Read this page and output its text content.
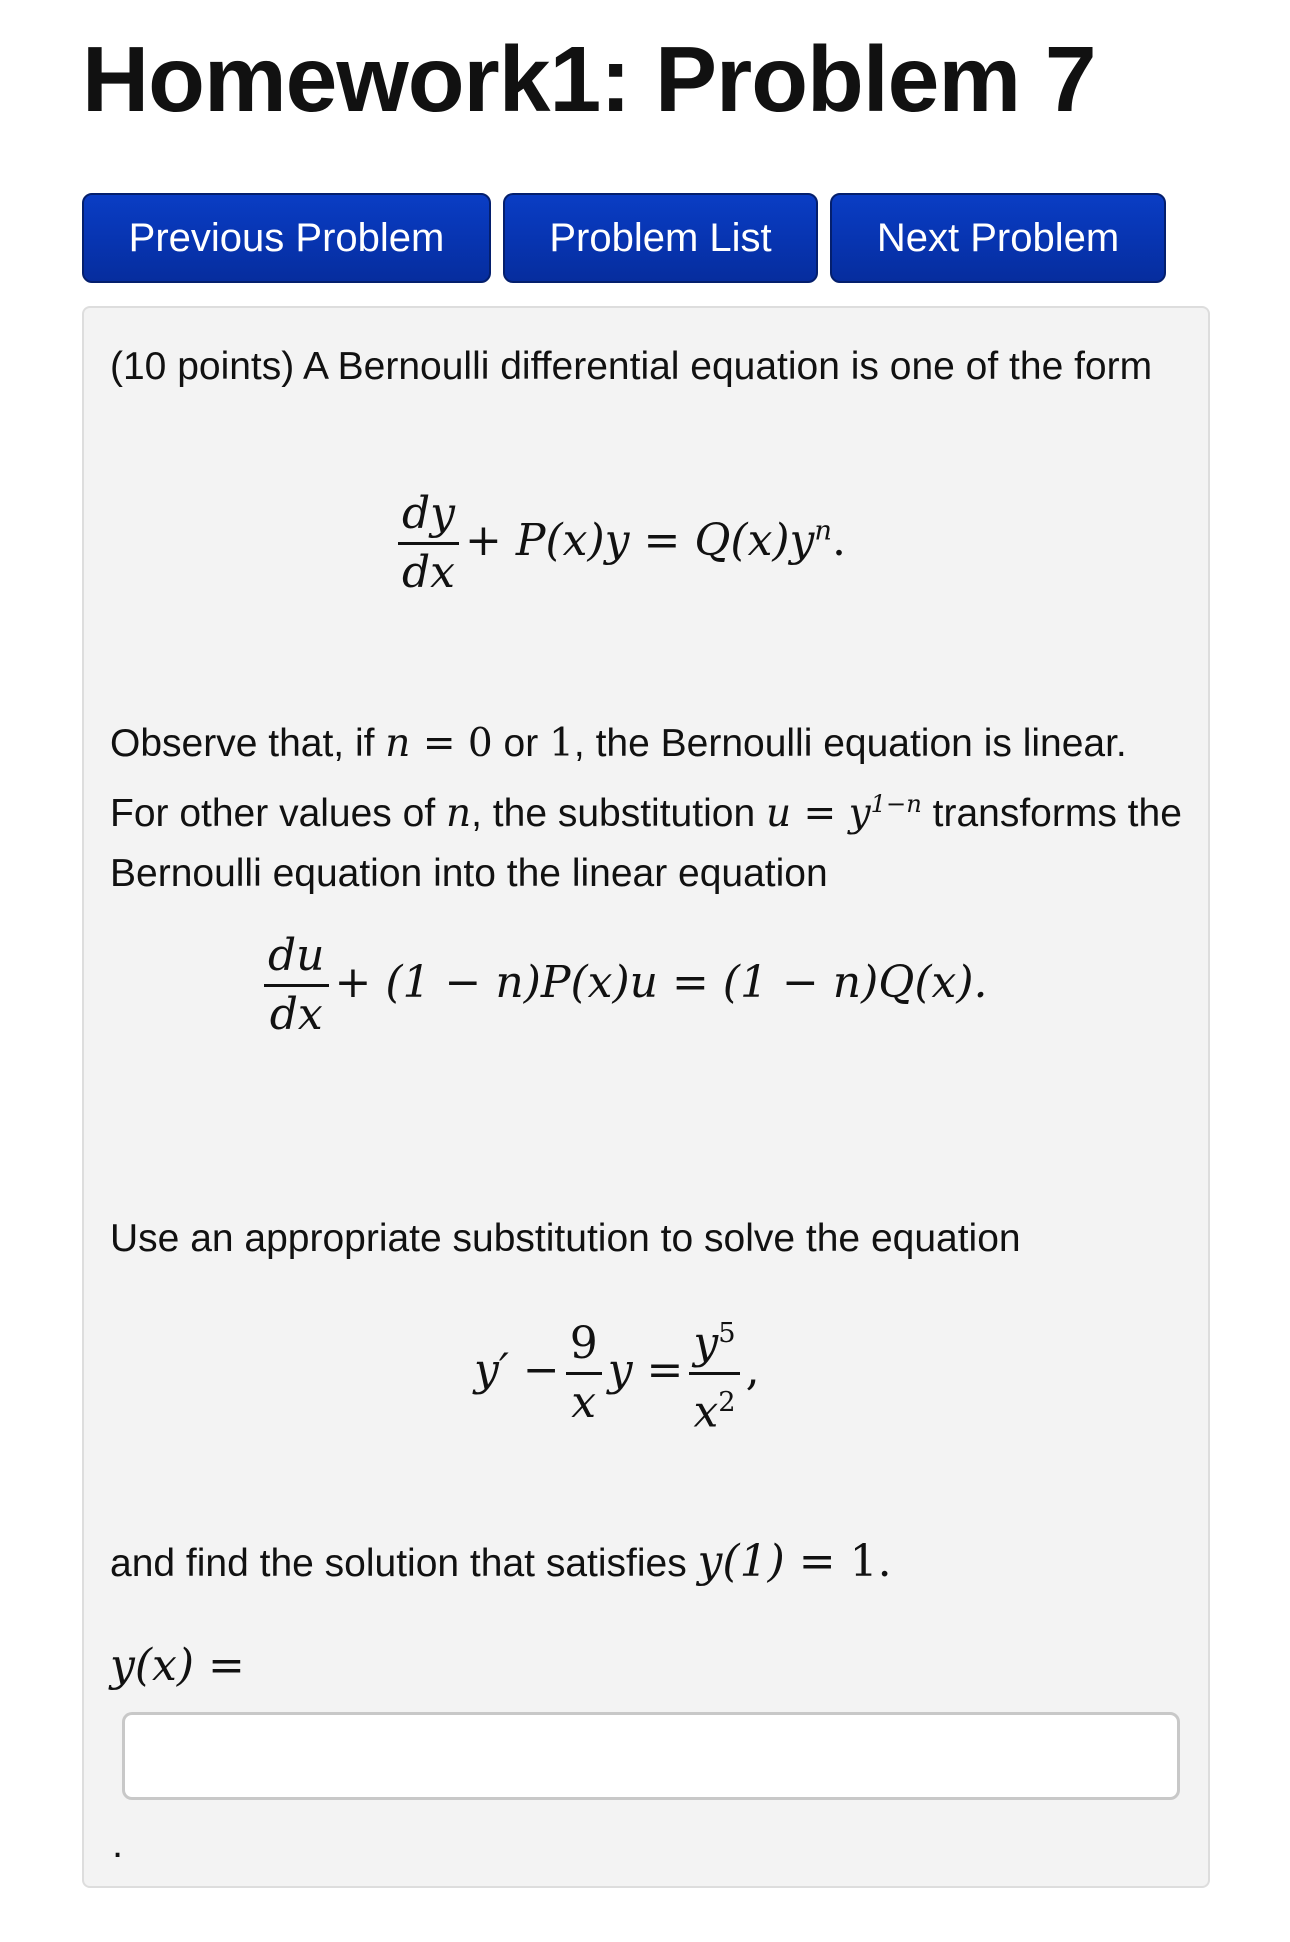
Homework1: Problem 7
Previous Problem	Problem List	Next Problem
(10 points) A Bernoulli differential equation is one of the form
$\frac{dy}{dx} + P(x)y = Q(x)y^n$.
Observe that, if n = 0 or 1, the Bernoulli equation is linear. For other values of n, the substitution $u = y^{1-n}$ transforms the Bernoulli equation into the linear equation
$\frac{du}{dx} + (1 - n)P(x)u = (1 - n)Q(x)$.
Use an appropriate substitution to solve the equation
$y' - \frac{9}{x}$ $y = \frac{y^5}{x^2}$ ,
and find the solution that satisfies y(1) = 1.
y(x) =
.
